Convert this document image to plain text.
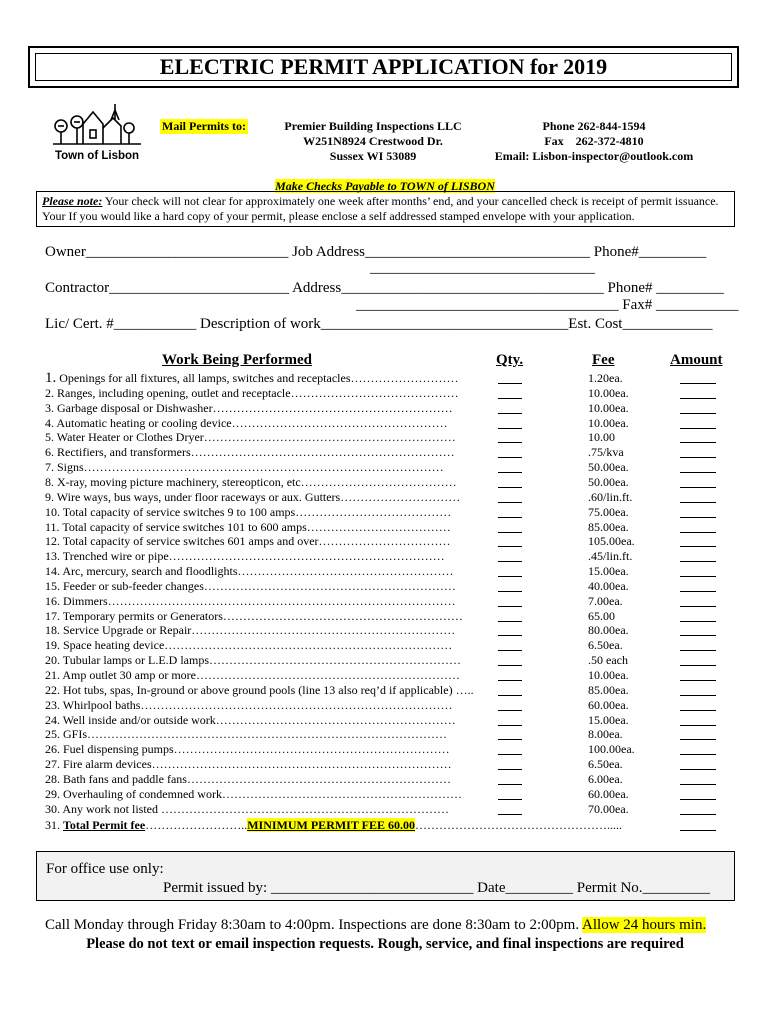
ELECTRIC PERMIT APPLICATION for 2019
Town of Lisbon
Mail Permits to:	Premier Building Inspections LLC
W251N8924 Crestwood Dr.
Sussex WI 53089
Phone 262-844-1594
Fax    262-372-4810
Email: Lisbon-inspector@outlook.com
Make Checks Payable to TOWN of LISBON
Please note: Your check will not clear for approximately one week after months’ end, and your cancelled check is receipt of permit issuance. Your If you would like a hard copy of your permit, please enclose a self addressed stamped envelope with your application.
Owner___________________________ Job Address______________________________ Phone#_________
______________________________
Contractor________________________ Address___________________________________ Phone# _________
___________________________________ Fax# ___________
Lic/ Cert. #___________ Description of work_________________________________Est. Cost____________
Work Being Performed	Qty.	Fee	Amount
1. Openings for all fixtures, all lamps, switches and receptacles………………………	1.20ea.
2. Ranges, including opening, outlet and receptacle……………………………………	10.00ea.
3. Garbage disposal or Dishwasher……………………………………………………	10.00ea.
4. Automatic heating or cooling device………………………………………………	10.00ea.
5. Water Heater or Clothes Dryer………………………………………………………	10.00
6. Rectifiers, and transformers…………………………………………………………	.75/kva
7. Signs………………………………………………………………………………	50.00ea.
8. X-ray, moving picture machinery, stereopticon, etc…………………………………	50.00ea.
9. Wire ways, bus ways, under floor raceways or aux. Gutters…………………………	.60/lin.ft.
10. Total capacity of service switches 9 to 100 amps…………………………………	75.00ea.
11. Total capacity of service switches 101 to 600 amps………………………………	85.00ea.
12. Total capacity of service switches 601 amps and over……………………………	105.00ea.
13. Trenched wire or pipe……………………………………………………………	.45/lin.ft.
14. Arc, mercury, search and floodlights………………………………………………	15.00ea.
15. Feeder or sub-feeder changes………………………………………………………	40.00ea.
16. Dimmers……………………………………………………………………………	7.00ea.
17. Temporary permits or Generators……………………………………………………	65.00
18. Service Upgrade or Repair…………………………………………………………	80.00ea.
19. Space heating device………………………………………………………………	6.50ea.
20. Tubular lamps or L.E.D lamps………………………………………………………	.50 each
21. Amp outlet 30 amp or more…………………………………………………………	10.00ea.
22. Hot tubs, spas, In-ground or above ground pools (line 13 also req’d if applicable) …..	85.00ea.
23. Whirlpool baths……………………………………………………………………	60.00ea.
24. Well inside and/or outside work……………………………………………………	15.00ea.
25. GFIs………………………………………………………………………………	8.00ea.
26. Fuel dispensing pumps……………………………………………………………	100.00ea.
27. Fire alarm devices…………………………………………………………………	6.50ea.
28. Bath fans and paddle fans…………………………………………………………	6.00ea.
29. Overhauling of condemned work……………………………………………………	60.00ea.
30. Any work not listed ………………………………………………………………	70.00ea.
31. Total Permit fee……………………..MINIMUM PERMIT FEE 60.00………………………………………….....
For office use only:
Permit issued by: ___________________________ Date_________ Permit No._________
Call Monday through Friday 8:30am to 4:00pm. Inspections are done 8:30am to 2:00pm. Allow 24 hours min.
Please do not text or email inspection requests. Rough, service, and final inspections are required
